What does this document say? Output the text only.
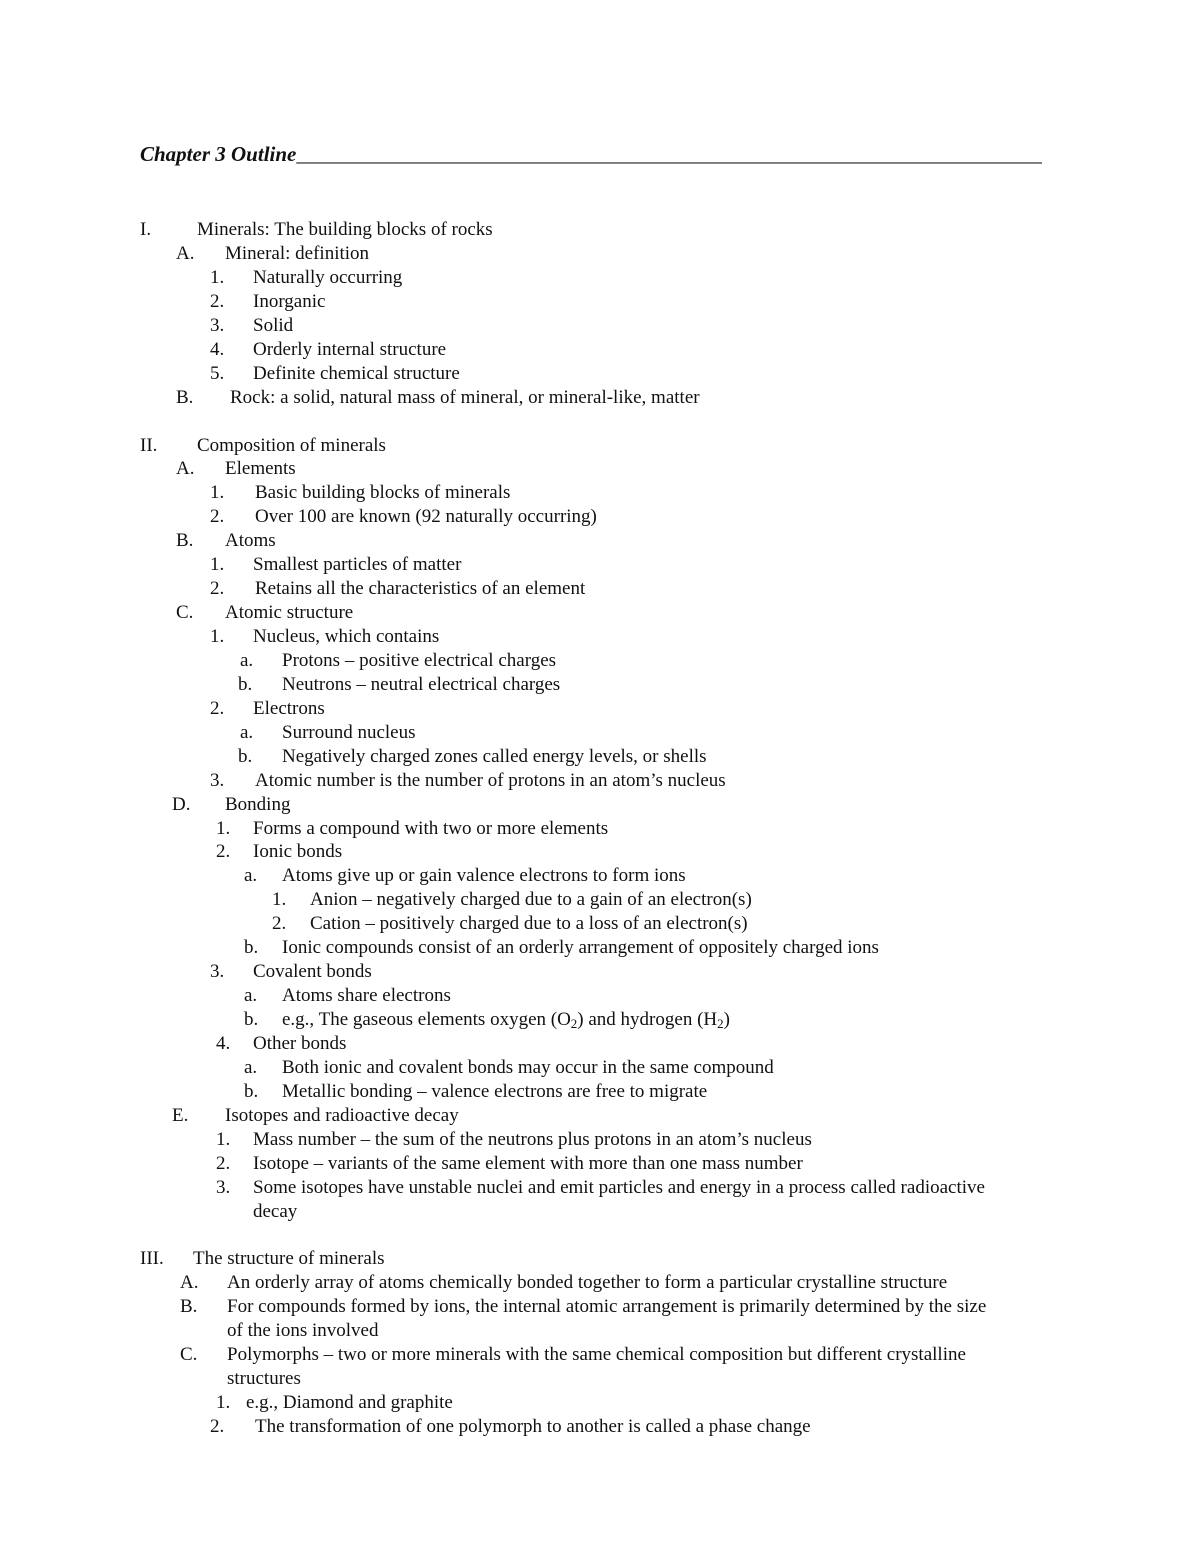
Chapter 3 Outline_______________________________________________________________________
I. Minerals: The building blocks of rocks
A. Mineral: definition
1. Naturally occurring
2. Inorganic
3. Solid
4. Orderly internal structure
5. Definite chemical structure
B. Rock: a solid, natural mass of mineral, or mineral-like, matter
II. Composition of minerals
A. Elements
1. Basic building blocks of minerals
2. Over 100 are known (92 naturally occurring)
B. Atoms
1. Smallest particles of matter
2. Retains all the characteristics of an element
C. Atomic structure
1. Nucleus, which contains
a. Protons – positive electrical charges
b. Neutrons – neutral electrical charges
2. Electrons
a. Surround nucleus
b. Negatively charged zones called energy levels, or shells
3. Atomic number is the number of protons in an atom’s nucleus
D. Bonding
1. Forms a compound with two or more elements
2. Ionic bonds
a. Atoms give up or gain valence electrons to form ions
1. Anion – negatively charged due to a gain of an electron(s)
2. Cation – positively charged due to a loss of an electron(s)
b. Ionic compounds consist of an orderly arrangement of oppositely charged ions
3. Covalent bonds
a. Atoms share electrons
b. e.g., The gaseous elements oxygen $(O_2)$ and hydrogen $(H_2)$
4. Other bonds
a. Both ionic and covalent bonds may occur in the same compound
b. Metallic bonding – valence electrons are free to migrate
E. Isotopes and radioactive decay
1. Mass number – the sum of the neutrons plus protons in an atom’s nucleus
2. Isotope – variants of the same element with more than one mass number
3. Some isotopes have unstable nuclei and emit particles and energy in a process called radioactive
decay
III. The structure of minerals
A. An orderly array of atoms chemically bonded together to form a particular crystalline structure
B. For compounds formed by ions, the internal atomic arrangement is primarily determined by the size
of the ions involved
C. Polymorphs – two or more minerals with the same chemical composition but different crystalline
structures
1. e.g., Diamond and graphite
2. The transformation of one polymorph to another is called a phase change
